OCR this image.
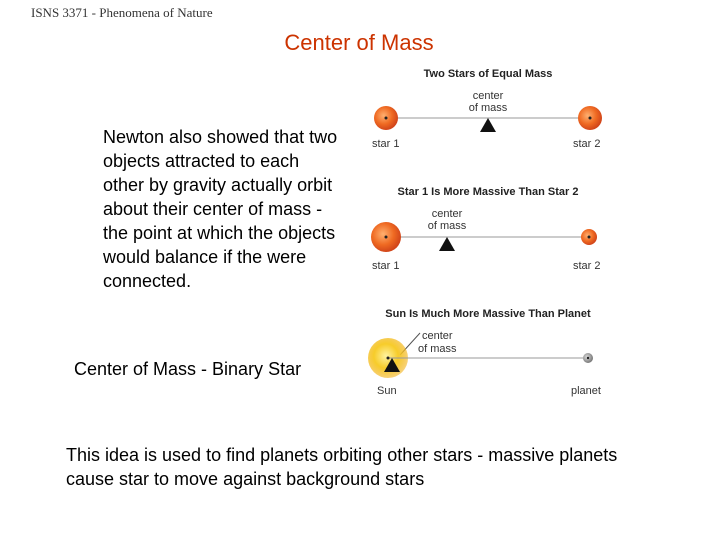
ISNS 3371 - Phenomena of Nature
Center of Mass
Newton also showed that two objects attracted to each other by gravity actually orbit about their center of mass - the point at which the objects would balance if the were connected.
Center of Mass - Binary Star
This idea is used to find planets orbiting other stars - massive planets cause star to move against background stars
Two Stars of Equal Mass
center
of mass
star 1	star 2
Star 1 Is More Massive Than Star 2
center
of mass
star 1	star 2
Sun Is Much More Massive Than Planet
center
of mass
Sun	planet
